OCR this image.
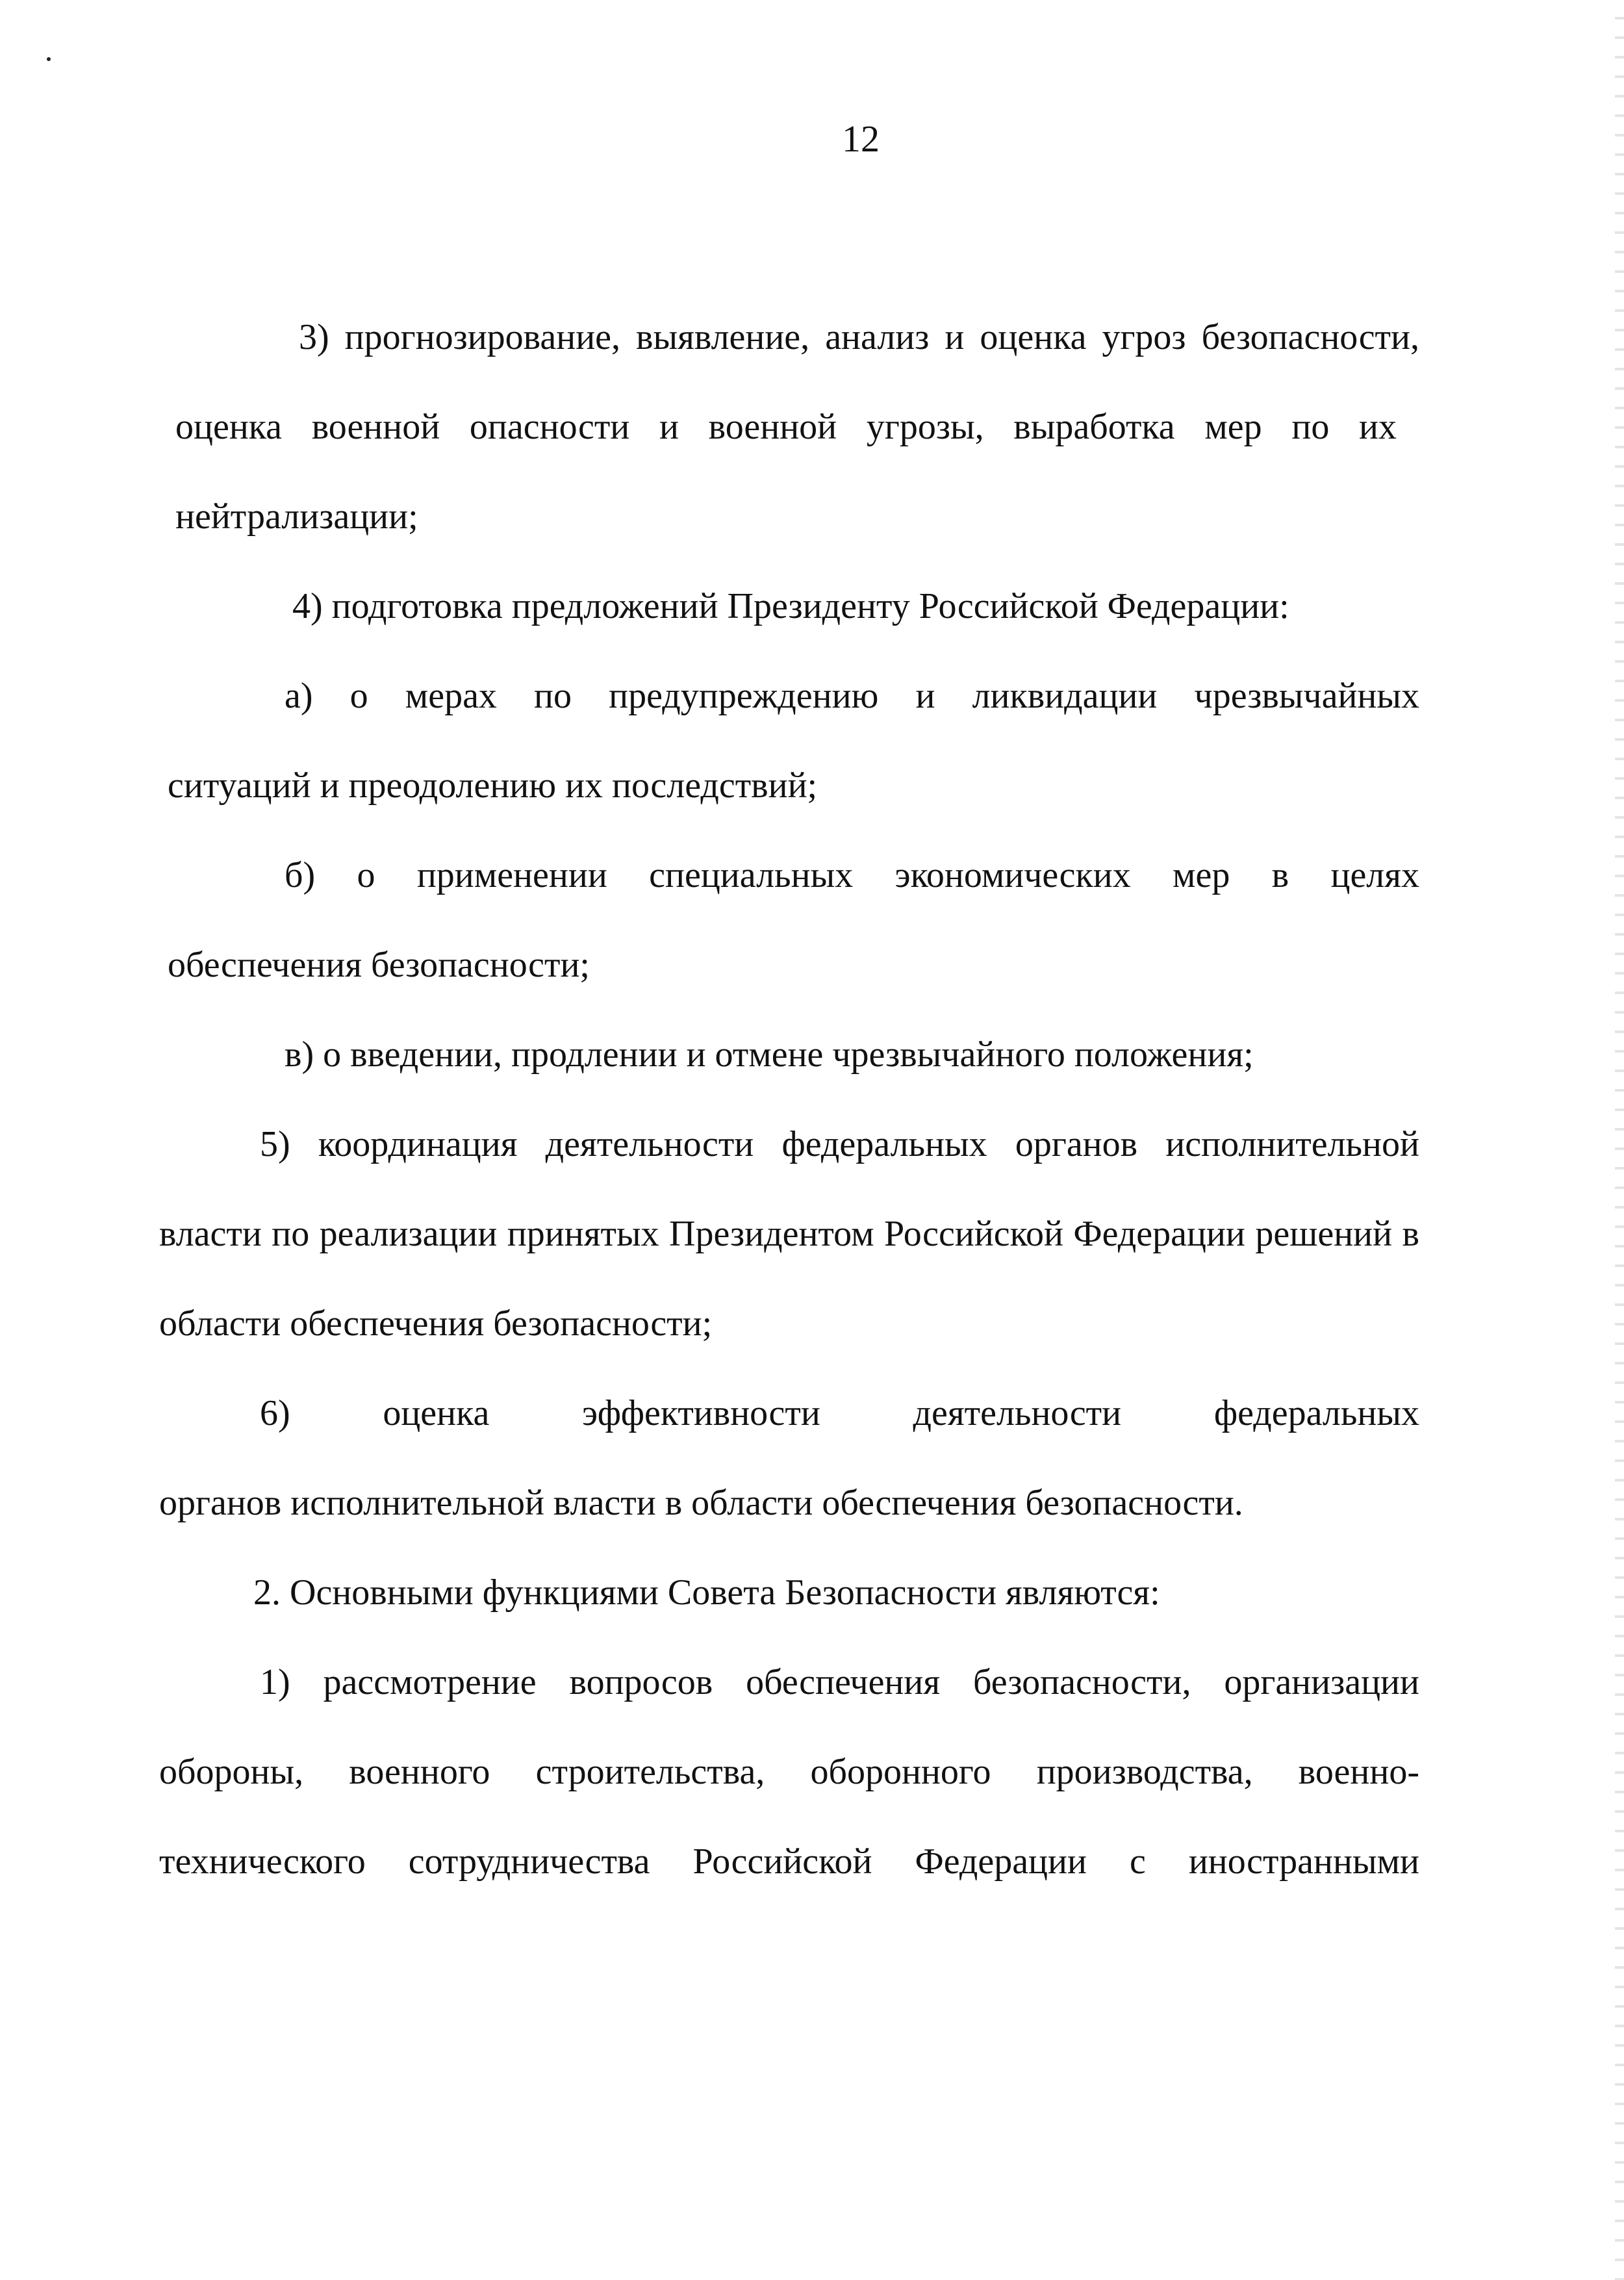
12

3) прогнозирование, выявление, анализ и оценка угроз безопасности,
оценка военной опасности и военной угрозы, выработка мер по их нейтрализации;

4) подготовка предложений Президенту Российской Федерации:

а) о мерах по предупреждению и ликвидации чрезвычайных
ситуаций и преодолению их последствий;

б) о применении специальных экономических мер в целях
обеспечения безопасности;

в) о введении, продлении и отмене чрезвычайного положения;

5) координация деятельности федеральных органов исполнительной
власти по реализации принятых Президентом Российской Федерации решений в области обеспечения безопасности;

6) оценка эффективности деятельности федеральных
органов исполнительной власти в области обеспечения безопасности.

2. Основными функциями Совета Безопасности являются:

1) рассмотрение вопросов обеспечения безопасности, организации
обороны, военного строительства, оборонного производства, военно-технического сотрудничества Российской Федерации с иностранными
